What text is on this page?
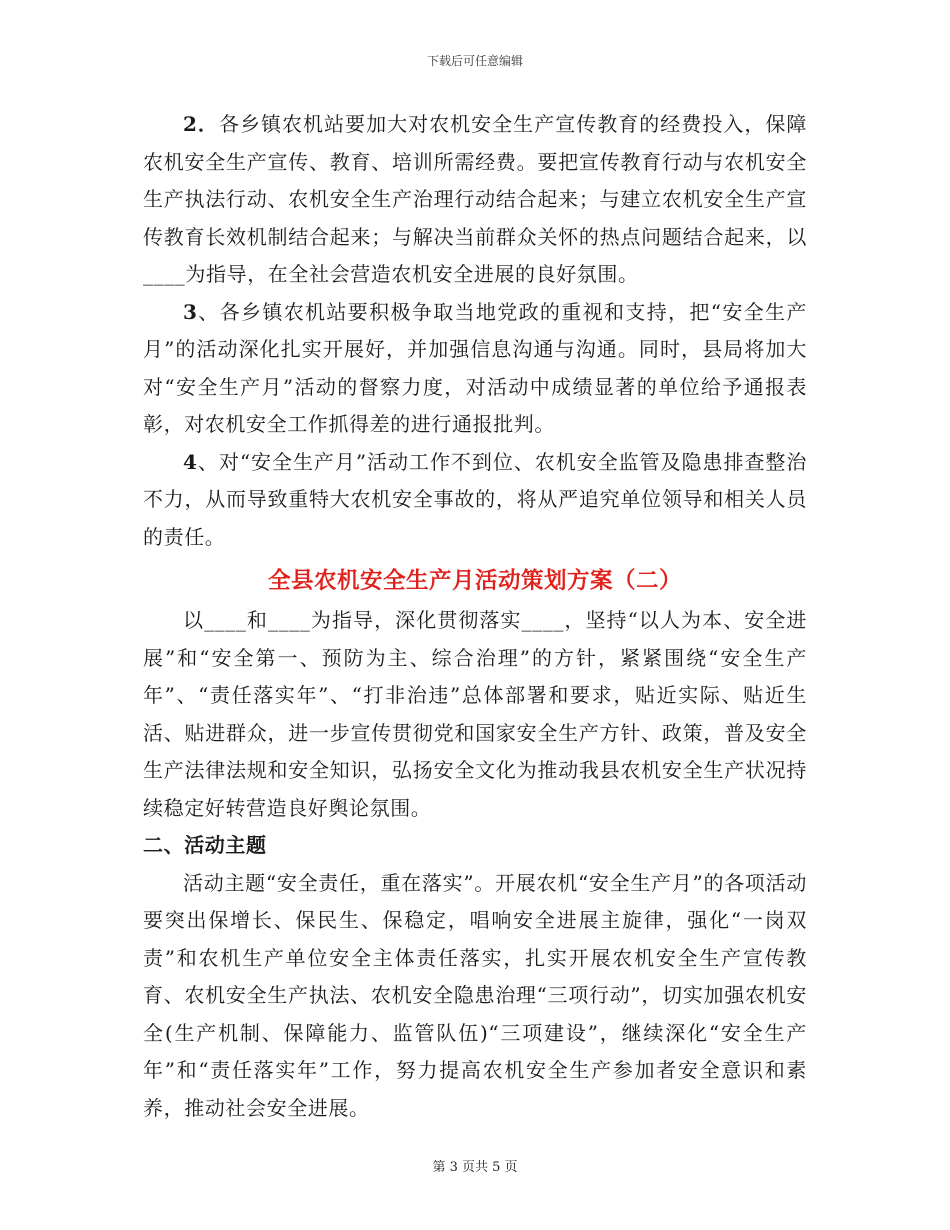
下载后可任意编辑

2．各乡镇农机站要加大对农机安全生产宣传教育的经费投入，保障农机安全生产宣传、教育、培训所需经费。要把宣传教育行动与农机安全生产执法行动、农机安全生产治理行动结合起来；与建立农机安全生产宣传教育长效机制结合起来；与解决当前群众关怀的热点问题结合起来，以____为指导，在全社会营造农机安全进展的良好氛围。

3、各乡镇农机站要积极争取当地党政的重视和支持，把“安全生产月”的活动深化扎实开展好，并加强信息沟通与沟通。同时，县局将加大对“安全生产月”活动的督察力度，对活动中成绩显著的单位给予通报表彰，对农机安全工作抓得差的进行通报批判。

4、对“安全生产月”活动工作不到位、农机安全监管及隐患排查整治不力，从而导致重特大农机安全事故的，将从严追究单位领导和相关人员的责任。

全县农机安全生产月活动策划方案（二）

以____和____为指导，深化贯彻落实____，坚持“以人为本、安全进展”和“安全第一、预防为主、综合治理”的方针，紧紧围绕“安全生产年”、“责任落实年”、“打非治违”总体部署和要求，贴近实际、贴近生活、贴进群众，进一步宣传贯彻党和国家安全生产方针、政策，普及安全生产法律法规和安全知识，弘扬安全文化为推动我县农机安全生产状况持续稳定好转营造良好舆论氛围。

二、活动主题

活动主题“安全责任，重在落实”。开展农机“安全生产月”的各项活动要突出保增长、保民生、保稳定，唱响安全进展主旋律，强化“一岗双责”和农机生产单位安全主体责任落实，扎实开展农机安全生产宣传教育、农机安全生产执法、农机安全隐患治理“三项行动”，切实加强农机安全(生产机制、保障能力、监管队伍)“三项建设”，继续深化“安全生产年”和“责任落实年”工作，努力提高农机安全生产参加者安全意识和素养，推动社会安全进展。

第 3 页共 5 页
